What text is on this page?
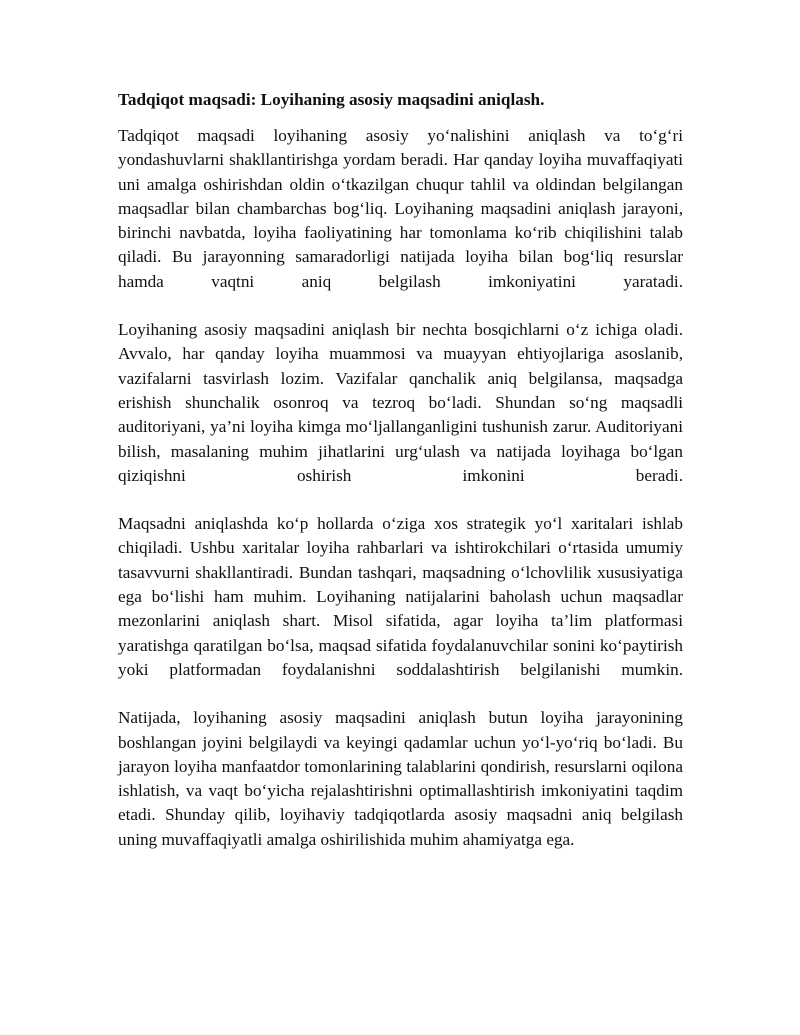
Tadqiqot maqsadi: Loyihaning asosiy maqsadini aniqlash.

Tadqiqot maqsadi loyihaning asosiy yo‘nalishini aniqlash va to‘g‘ri yondashuvlarni shakllantirishga yordam beradi. Har qanday loyiha muvaffaqiyati uni amalga oshirishdan oldin o‘tkazilgan chuqur tahlil va oldindan belgilangan maqsadlar bilan chambarchas bog‘liq. Loyihaning maqsadini aniqlash jarayoni, birinchi navbatda, loyiha faoliyatining har tomonlama ko‘rib chiqilishini talab qiladi. Bu jarayonning samaradorligi natijada loyiha bilan bog‘liq resurslar hamda vaqtni aniq belgilash imkoniyatini yaratadi.

Loyihaning asosiy maqsadini aniqlash bir nechta bosqichlarni o‘z ichiga oladi. Avvalo, har qanday loyiha muammosi va muayyan ehtiyojlariga asoslanib, vazifalarni tasvirlash lozim. Vazifalar qanchalik aniq belgilansa, maqsadga erishish shunchalik osonroq va tezroq bo‘ladi. Shundan so‘ng maqsadli auditoriyani, ya’ni loyiha kimga mo‘ljallanganligini tushunish zarur. Auditoriyani bilish, masalaning muhim jihatlarini urg‘ulash va natijada loyihaga bo‘lgan qiziqishni oshirish imkonini beradi.

Maqsadni aniqlashda ko‘p hollarda o‘ziga xos strategik yo‘l xaritalari ishlab chiqiladi. Ushbu xaritalar loyiha rahbarlari va ishtirokchilari o‘rtasida umumiy tasavvurni shakllantiradi. Bundan tashqari, maqsadning o‘lchovlilik xususiyatiga ega bo‘lishi ham muhim. Loyihaning natijalarini baholash uchun maqsadlar mezonlarini aniqlash shart. Misol sifatida, agar loyiha ta’lim platformasi yaratishga qaratilgan bo‘lsa, maqsad sifatida foydalanuvchilar sonini ko‘paytirish yoki platformadan foydalanishni soddalashtirish belgilanishi mumkin.

Natijada, loyihaning asosiy maqsadini aniqlash butun loyiha jarayonining boshlangan joyini belgilaydi va keyingi qadamlar uchun yo‘l-yo‘riq bo‘ladi. Bu jarayon loyiha manfaatdor tomonlarining talablarini qondirish, resurslarni oqilona ishlatish, va vaqt bo‘yicha rejalashtirishni optimallashtirish imkoniyatini taqdim etadi. Shunday qilib, loyihaviy tadqiqotlarda asosiy maqsadni aniq belgilash uning muvaffaqiyatli amalga oshirilishida muhim ahamiyatga ega.
